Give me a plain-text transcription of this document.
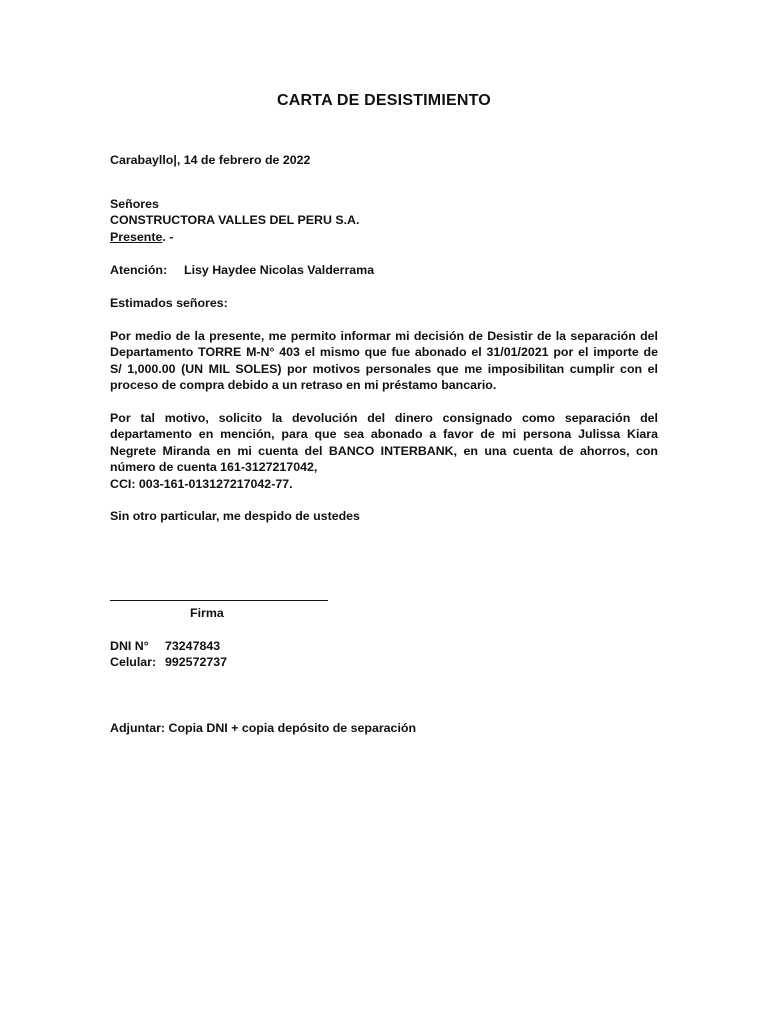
CARTA DE DESISTIMIENTO
Carabayllo|, 14 de febrero de 2022
Señores
CONSTRUCTORA VALLES DEL PERU S.A.
Presente. -
Atención: Lisy Haydee Nicolas Valderrama
Estimados señores:
Por medio de la presente, me permito informar mi decisión de Desistir de la separación del
Departamento TORRE M-N° 403 el mismo que fue abonado el 31/01/2021 por el importe de
S/ 1,000.00 (UN MIL SOLES) por motivos personales que me imposibilitan cumplir con el
proceso de compra debido a un retraso en mi préstamo bancario.
Por tal motivo, solicito la devolución del dinero consignado como separación del
departamento en mención, para que sea abonado a favor de mi persona Julissa Kiara
Negrete Miranda en mi cuenta del BANCO INTERBANK, en una cuenta de ahorros, con
número de cuenta 161-3127217042,
CCI: 003-161-013127217042-77.
Sin otro particular, me despido de ustedes
Firma
DNI N° 73247843
Celular: 992572737
Adjuntar: Copia DNI + copia depósito de separación
